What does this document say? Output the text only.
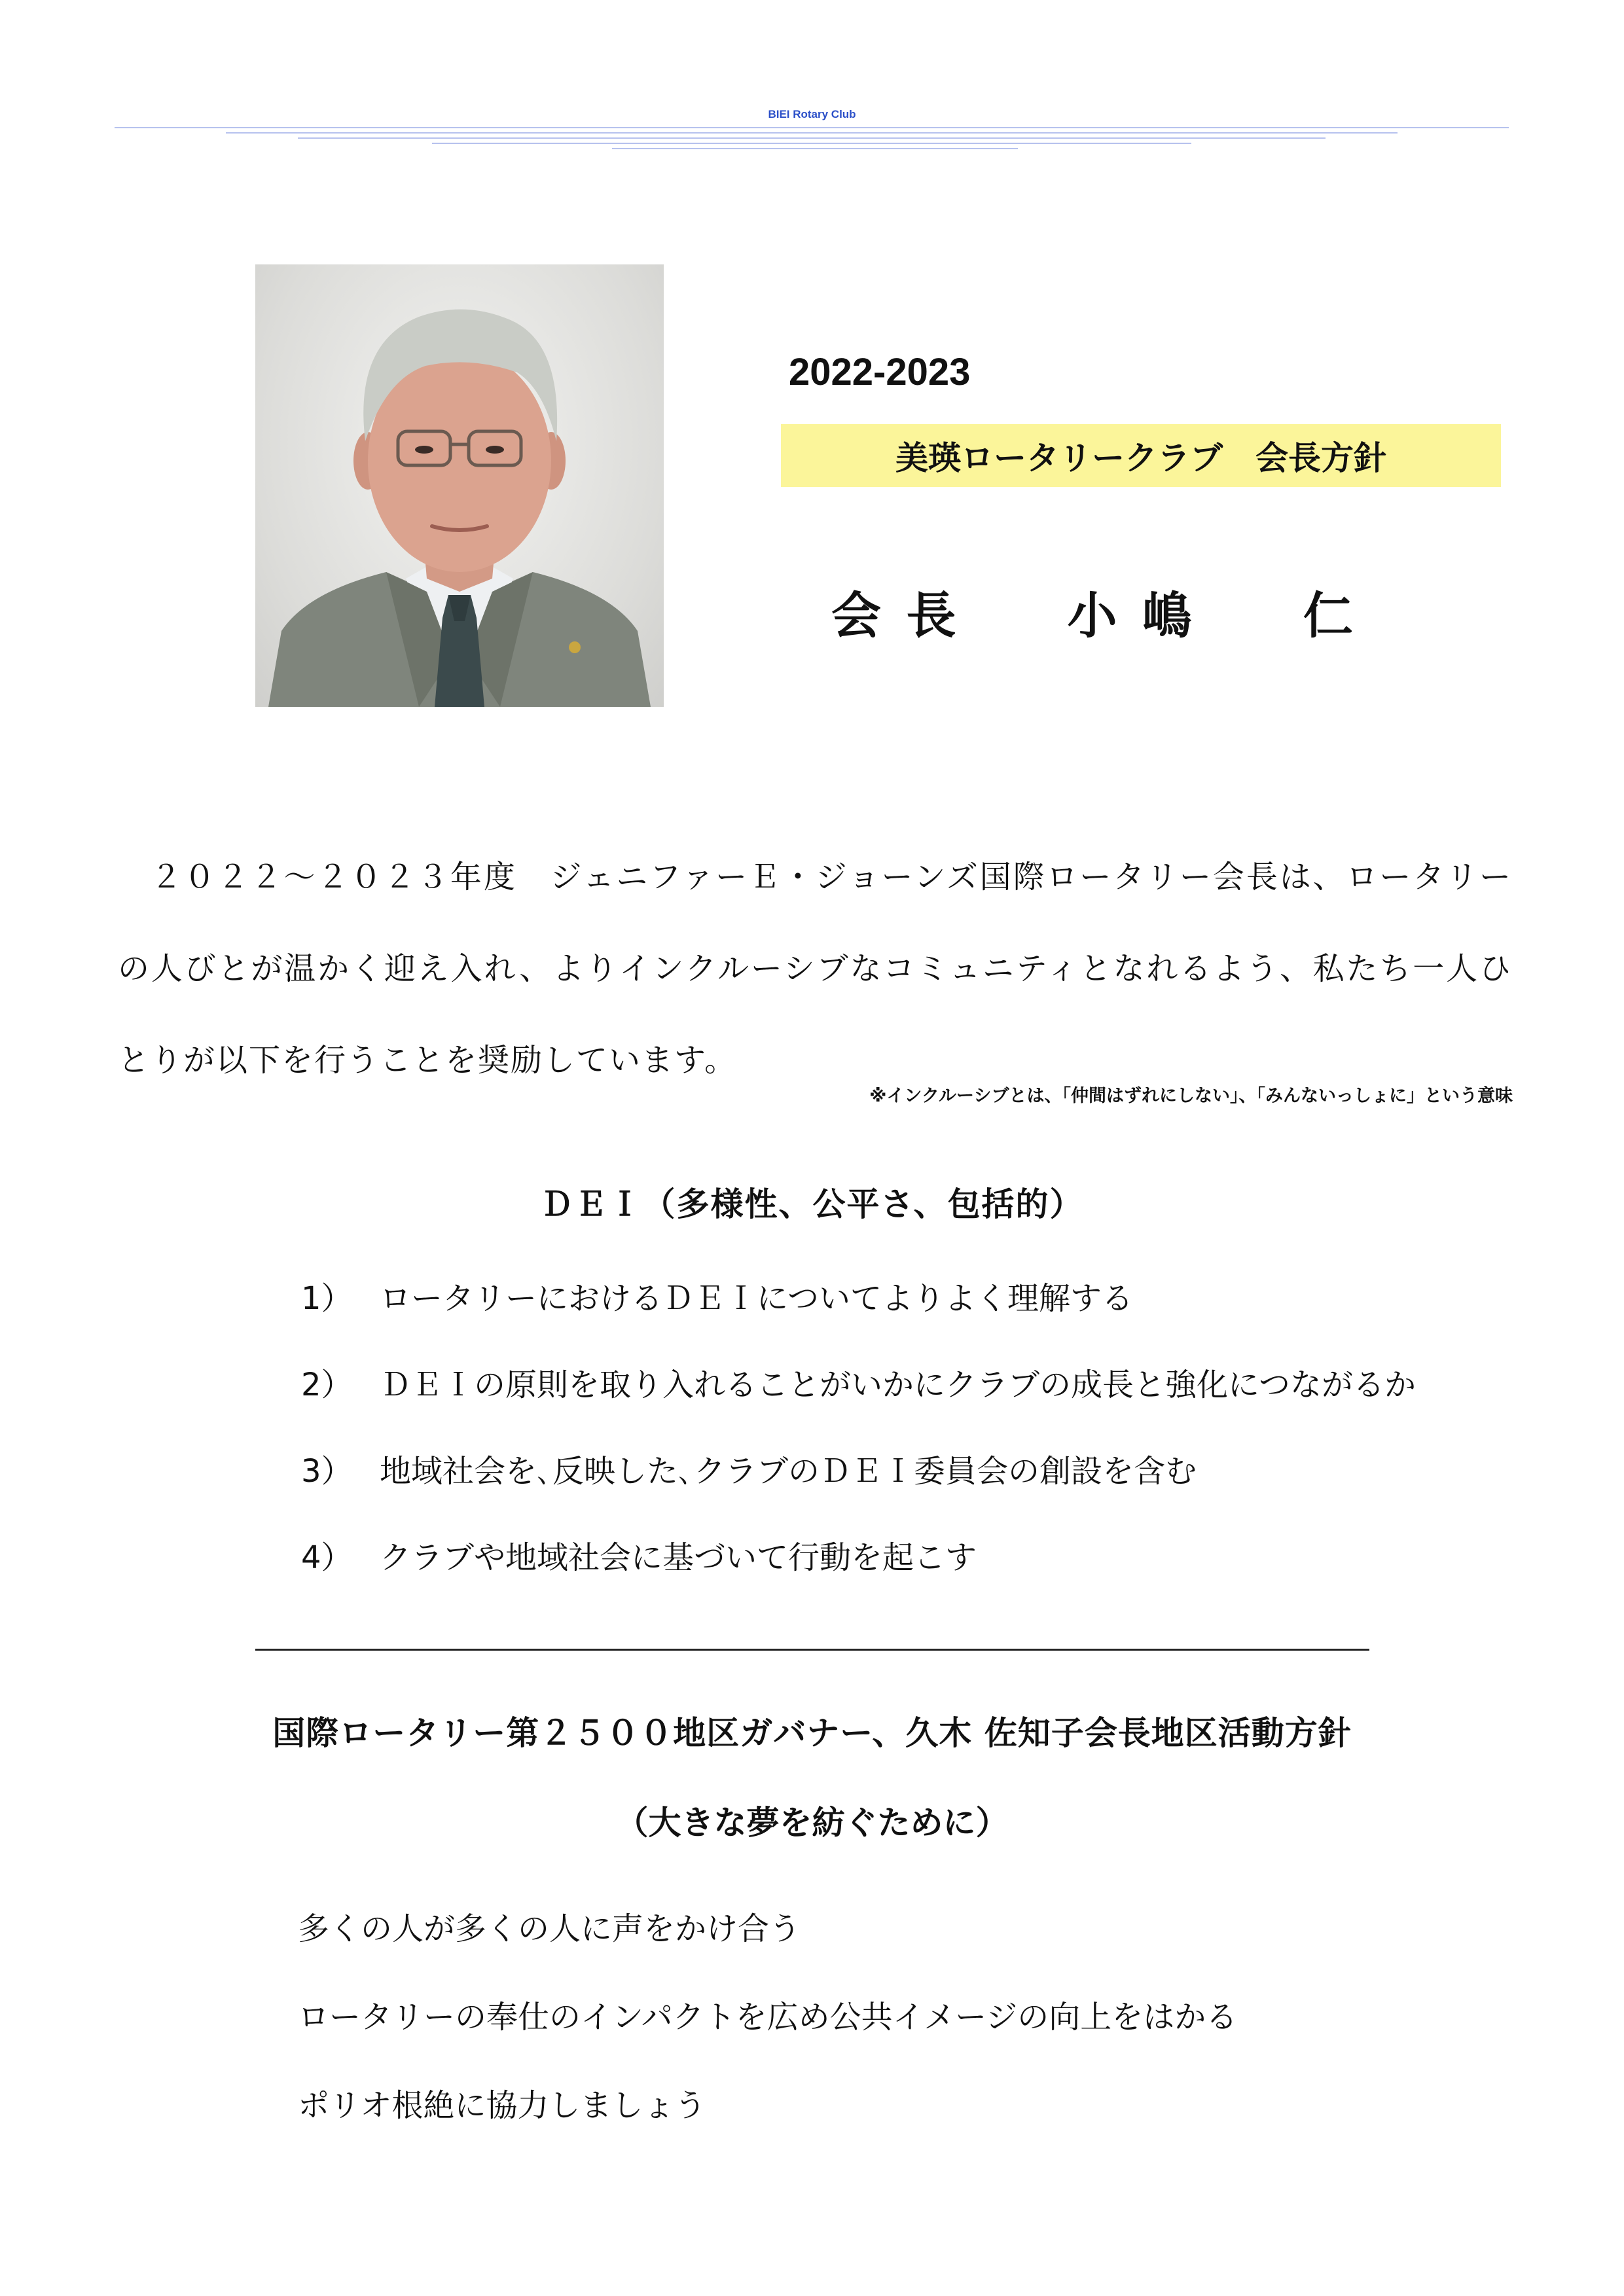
BIEI Rotary Club
2022-2023
美瑛ロータリークラブ　会長方針
会 長　　小 嶋　　仁
２０２２～２０２３年度　ジェニファーＥ・ジョーンズ国際ロータリー会長は、ロータリーの人びとが温かく迎え入れ、よりインクルーシブなコミュニティとなれるよう、私たち一人ひとりが以下を行うことを奨励しています。
※インクルーシブとは、「仲間はずれにしない」、「みんないっしょに」という意味
ＤＥＩ（多様性、公平さ、包括的）
1） ロータリーにおけるＤＥＩについてよりよく理解する
2） ＤＥＩの原則を取り入れることがいかにクラブの成長と強化につながるか
3） 地域社会を､反映した､クラブのＤＥＩ委員会の創設を含む
4） クラブや地域社会に基づいて行動を起こす
国際ロータリー第２５００地区ガバナー、久木 佐知子会長地区活動方針
（大きな夢を紡ぐために）
多くの人が多くの人に声をかけ合う
ロータリーの奉仕のインパクトを広め公共イメージの向上をはかる
ポリオ根絶に協力しましょう
